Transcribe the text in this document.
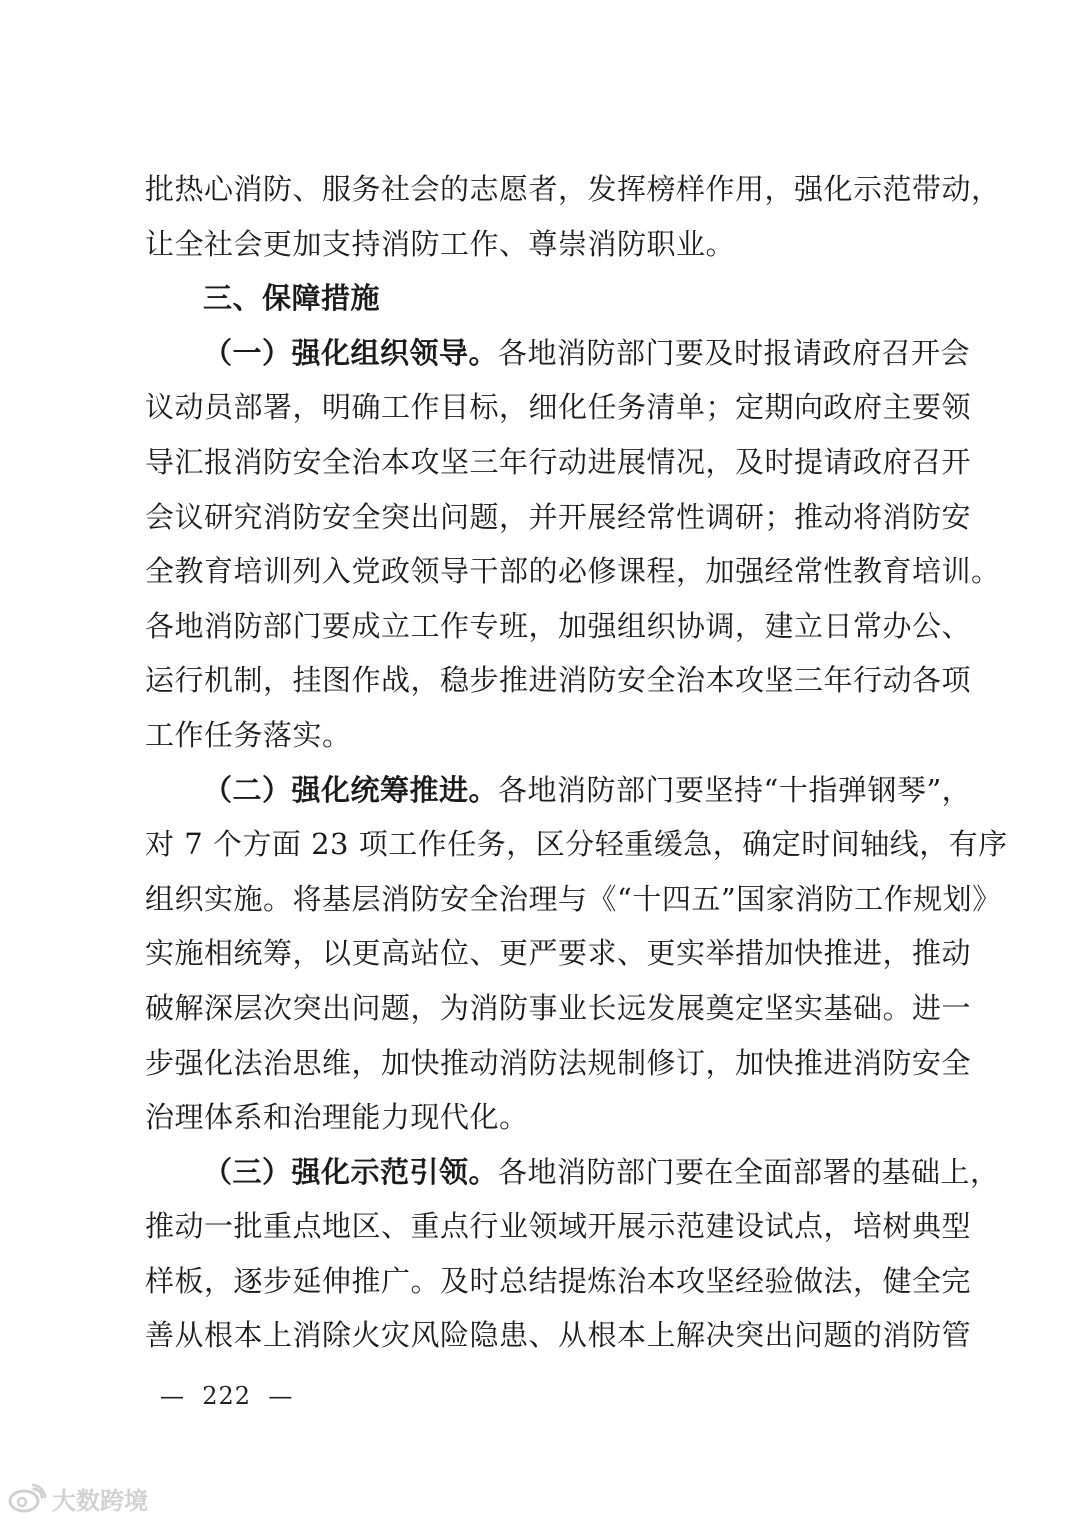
批热心消防、服务社会的志愿者，发挥榜样作用，强化示范带动，
让全社会更加支持消防工作、尊崇消防职业。
三、保障措施
（一）强化组织领导。各地消防部门要及时报请政府召开会
议动员部署，明确工作目标，细化任务清单；定期向政府主要领
导汇报消防安全治本攻坚三年行动进展情况，及时提请政府召开
会议研究消防安全突出问题，并开展经常性调研；推动将消防安
全教育培训列入党政领导干部的必修课程，加强经常性教育培训。
各地消防部门要成立工作专班，加强组织协调，建立日常办公、
运行机制，挂图作战，稳步推进消防安全治本攻坚三年行动各项
工作任务落实。
（二）强化统筹推进。各地消防部门要坚持“十指弹钢琴”，
对 7 个方面 23 项工作任务，区分轻重缓急，确定时间轴线，有序
组织实施。将基层消防安全治理与《“十四五”国家消防工作规划》
实施相统筹，以更高站位、更严要求、更实举措加快推进，推动
破解深层次突出问题，为消防事业长远发展奠定坚实基础。进一
步强化法治思维，加快推动消防法规制修订，加快推进消防安全
治理体系和治理能力现代化。
（三）强化示范引领。各地消防部门要在全面部署的基础上，
推动一批重点地区、重点行业领域开展示范建设试点，培树典型
样板，逐步延伸推广。及时总结提炼治本攻坚经验做法，健全完
善从根本上消除火灾风险隐患、从根本上解决突出问题的消防管
—  222  —
大数跨境
